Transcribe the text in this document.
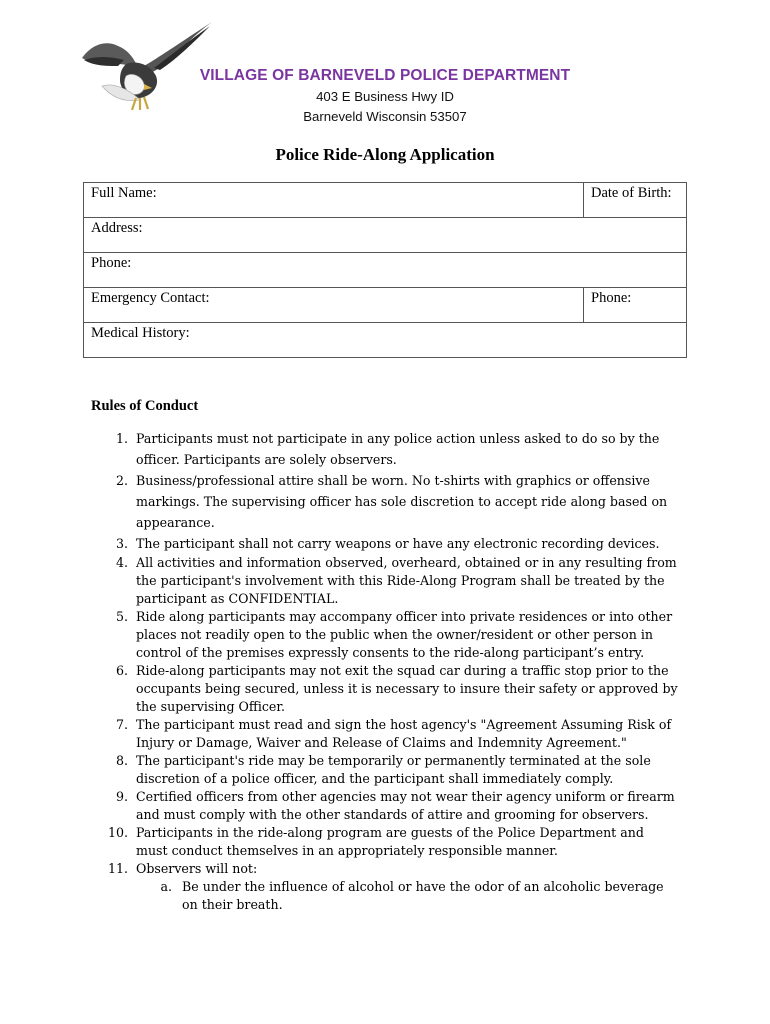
VILLAGE OF BARNEVELD POLICE DEPARTMENT
403 E Business Hwy ID
Barneveld Wisconsin 53507
Police Ride-Along Application
Full Name:	Date of Birth:
Address:	
Phone:	
Emergency Contact:	Phone:
Medical History:	
Rules of Conduct
1. Participants must not participate in any police action unless asked to do so by the officer. Participants are solely observers.
2. Business/professional attire shall be worn. No t-shirts with graphics or offensive markings. The supervising officer has sole discretion to accept ride along based on appearance.
3. The participant shall not carry weapons or have any electronic recording devices.
4. All activities and information observed, overheard, obtained or in any resulting from the participant's involvement with this Ride-Along Program shall be treated by the participant as CONFIDENTIAL.
5. Ride along participants may accompany officer into private residences or into other places not readily open to the public when the owner/resident or other person in control of the premises expressly consents to the ride-along participant’s entry.
6. Ride-along participants may not exit the squad car during a traffic stop prior to the occupants being secured, unless it is necessary to insure their safety or approved by the supervising Officer.
7. The participant must read and sign the host agency's "Agreement Assuming Risk of Injury or Damage, Waiver and Release of Claims and Indemnity Agreement."
8. The participant's ride may be temporarily or permanently terminated at the sole discretion of a police officer, and the participant shall immediately comply.
9. Certified officers from other agencies may not wear their agency uniform or firearm and must comply with the other standards of attire and grooming for observers.
10. Participants in the ride-along program are guests of the Police Department and must conduct themselves in an appropriately responsible manner.
11. Observers will not:
a. Be under the influence of alcohol or have the odor of an alcoholic beverage on their breath.
